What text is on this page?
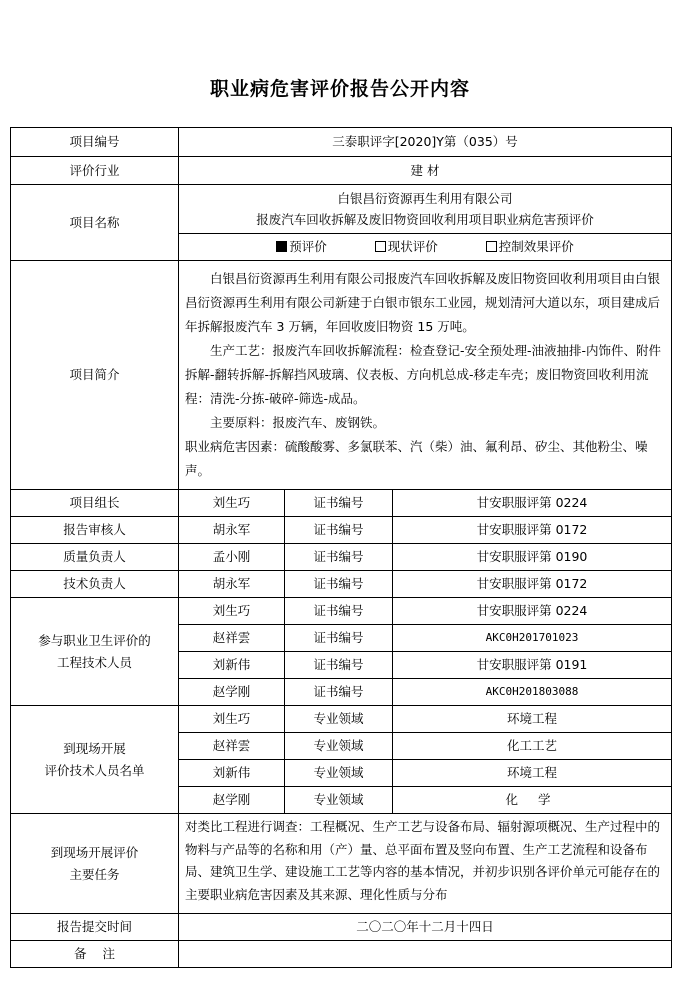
职业病危害评价报告公开内容
项目编号	三泰职评字[2020]Y第（035）号		
评价行业	建 材		
项目名称	白银昌衍资源再生利用有限公司
报废汽车回收拆解及废旧物资回收利用项目职业病危害预评价
预评价 现状评价 控制效果评价		

项目简介	白银昌衍资源再生利用有限公司报废汽车回收拆解及废旧物资回收利用项目由白银昌衍资源再生利用有限公司新建于白银市银东工业园，规划清河大道以东，项目建成后年拆解报废汽车 3 万辆，年回收废旧物资 15 万吨。

生产工艺：报废汽车回收拆解流程：检查登记-安全预处理-油液抽排-内饰件、附件拆解-翻转拆解-拆解挡风玻璃、仪表板、方向机总成-移走车壳；废旧物资回收利用流程：清洗-分拣-破碎-筛选-成品。

主要原料：报废汽车、废钢铁。

职业病危害因素：硫酸酸雾、多氯联苯、汽（柴）油、氟利昂、矽尘、其他粉尘、噪声。		

项目组长	刘生巧	证书编号	甘安职服评第 0224
报告审核人	胡永军	证书编号	甘安职服评第 0172
质量负责人	孟小刚	证书编号	甘安职服评第 0190
技术负责人	胡永军	证书编号	甘安职服评第 0172

参与职业卫生评价的
工程技术人员	刘生巧	证书编号	甘安职服评第 0224
	赵祥雲	证书编号	AKC0H201701023
	刘新伟	证书编号	甘安职服评第 0191
	赵学刚	证书编号	AKC0H201803088

到现场开展
评价技术人员名单	刘生巧	专业领域	环境工程
	赵祥雲	专业领域	化工工艺
	刘新伟	专业领域	环境工程
	赵学刚	专业领域	化 学

到现场开展评价
主要任务	对类比工程进行调查：工程概况、生产工艺与设备布局、辐射源项概况、生产过程中的物料与产品等的名称和用（产）量、总平面布置及竖向布置、生产工艺流程和设备布局、建筑卫生学、建设施工工艺等内容的基本情况，并初步识别各评价单元可能存在的主要职业病危害因素及其来源、理化性质与分布		
报告提交时间	二〇二〇年十二月十四日		
备    注			
